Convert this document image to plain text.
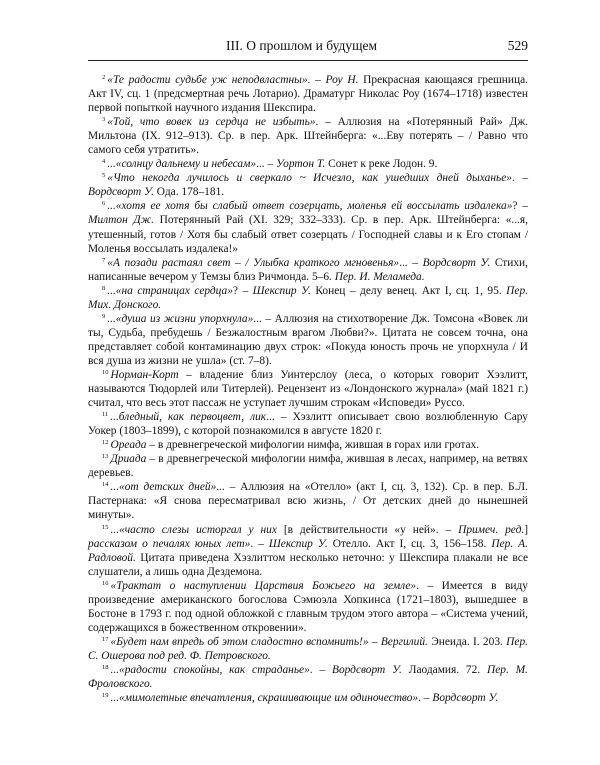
III. О прошлом и будущем	529

$^2$ «Те радости судьбе уж неподвластны». – Роу Н. Прекрасная кающаяся грешница. Акт IV, сц. 1 (предсмертная речь Лотарио). Драматург Николас Роу (1674–1718) известен первой попыткой научного издания Шекспира.

$^3$ «Той, что вовек из сердца не избыть». – Аллюзия на «Потерянный Рай» Дж. Мильтона (IX. 912–913). Ср. в пер. Арк. Штейнберга: «...Еву потерять – / Равно что самого себя утратить».

$^4$ ...«солнцу дальнему и небесам»... – Уортон Т. Сонет к реке Лодон. 9.

$^5$ «Что некогда лучилось и сверкало ~ Исчезло, как ушедших дней дыханье». – Вордсворт У. Ода. 178–181.

$^6$ ...«хотя ее хотя бы слабый ответ созерцать, моленья ей воссылать издалека»? – Милтон Дж. Потерянный Рай (XI. 329; 332–333). Ср. в пер. Арк. Штейнберга: «...я, утешенный, готов / Хотя бы слабый ответ созерцать / Господней славы и к Его стопам / Моленья воссылать издалека!»

$^7$ «А позади растаял свет – / Улыбка краткого мгновенья»... – Вордсворт У. Стихи, написанные вечером у Темзы близ Ричмонда. 5–6. Пер. И. Меламеда.

$^8$ ...«на страницах сердца»? – Шекспир У. Конец – делу венец. Акт I, сц. 1, 95. Пер. Мих. Донского.

$^9$ ...«душа из жизни упорхнула»... – Аллюзия на стихотворение Дж. Томсона «Вовек ли ты, Судьба, пребудешь / Безжалостным врагом Любви?». Цитата не совсем точна, она представляет собой контаминацию двух строк: «Покуда юность прочь не упорхнула / И вся душа из жизни не ушла» (ст. 7–8).

$^{10}$ Норман-Корт – владение близ Уинтерслоу (леса, о которых говорит Хэзлитт, называются Тюдорлей или Титерлей). Рецензент из «Лондонского журнала» (май 1821 г.) считал, что весь этот пассаж не уступает лучшим строкам «Исповеди» Руссо.

$^{11}$ ...бледный, как первоцвет, лик... – Хэзлитт описывает свою возлюбленную Сару Уокер (1803–1899), с которой познакомился в августе 1820 г.

$^{12}$ Ореада – в древнегреческой мифологии нимфа, жившая в горах или гротах.

$^{13}$ Дриада – в древнегреческой мифологии нимфа, жившая в лесах, например, на ветвях деревьев.

$^{14}$ ...«от детских дней»... – Аллюзия на «Отелло» (акт I, сц. 3, 132). Ср. в пер. Б.Л. Пастернака: «Я снова пересматривал всю жизнь, / От детских дней до нынешней минуты».

$^{15}$ ...«часто слезы исторгал у них [в действительности «у ней». – Примеч. ред.] рассказом о печалях юных лет». – Шекспир У. Отелло. Акт I, сц. 3, 156–158. Пер. А. Радловой. Цитата приведена Хэзлиттом несколько неточно: у Шекспира плакали не все слушатели, а лишь одна Дездемона.

$^{16}$ «Трактат о наступлении Царствия Божьего на земле». – Имеется в виду произведение американского богослова Сэмюэла Хопкинса (1721–1803), вышедшее в Бостоне в 1793 г. под одной обложкой с главным трудом этого автора – «Система учений, содержащихся в божественном откровении».

$^{17}$ «Будет нам впредь об этом сладостно вспомнить!» – Вергилий. Энеида. I. 203. Пер. С. Ошерова под ред. Ф. Петровского.

$^{18}$ ...«радости спокойны, как страданье». – Вордсворт У. Лаодамия. 72. Пер. М. Фроловского.

$^{19}$ ...«мимолетные впечатления, скрашивающие им одиночество». – Вордсворт У.
